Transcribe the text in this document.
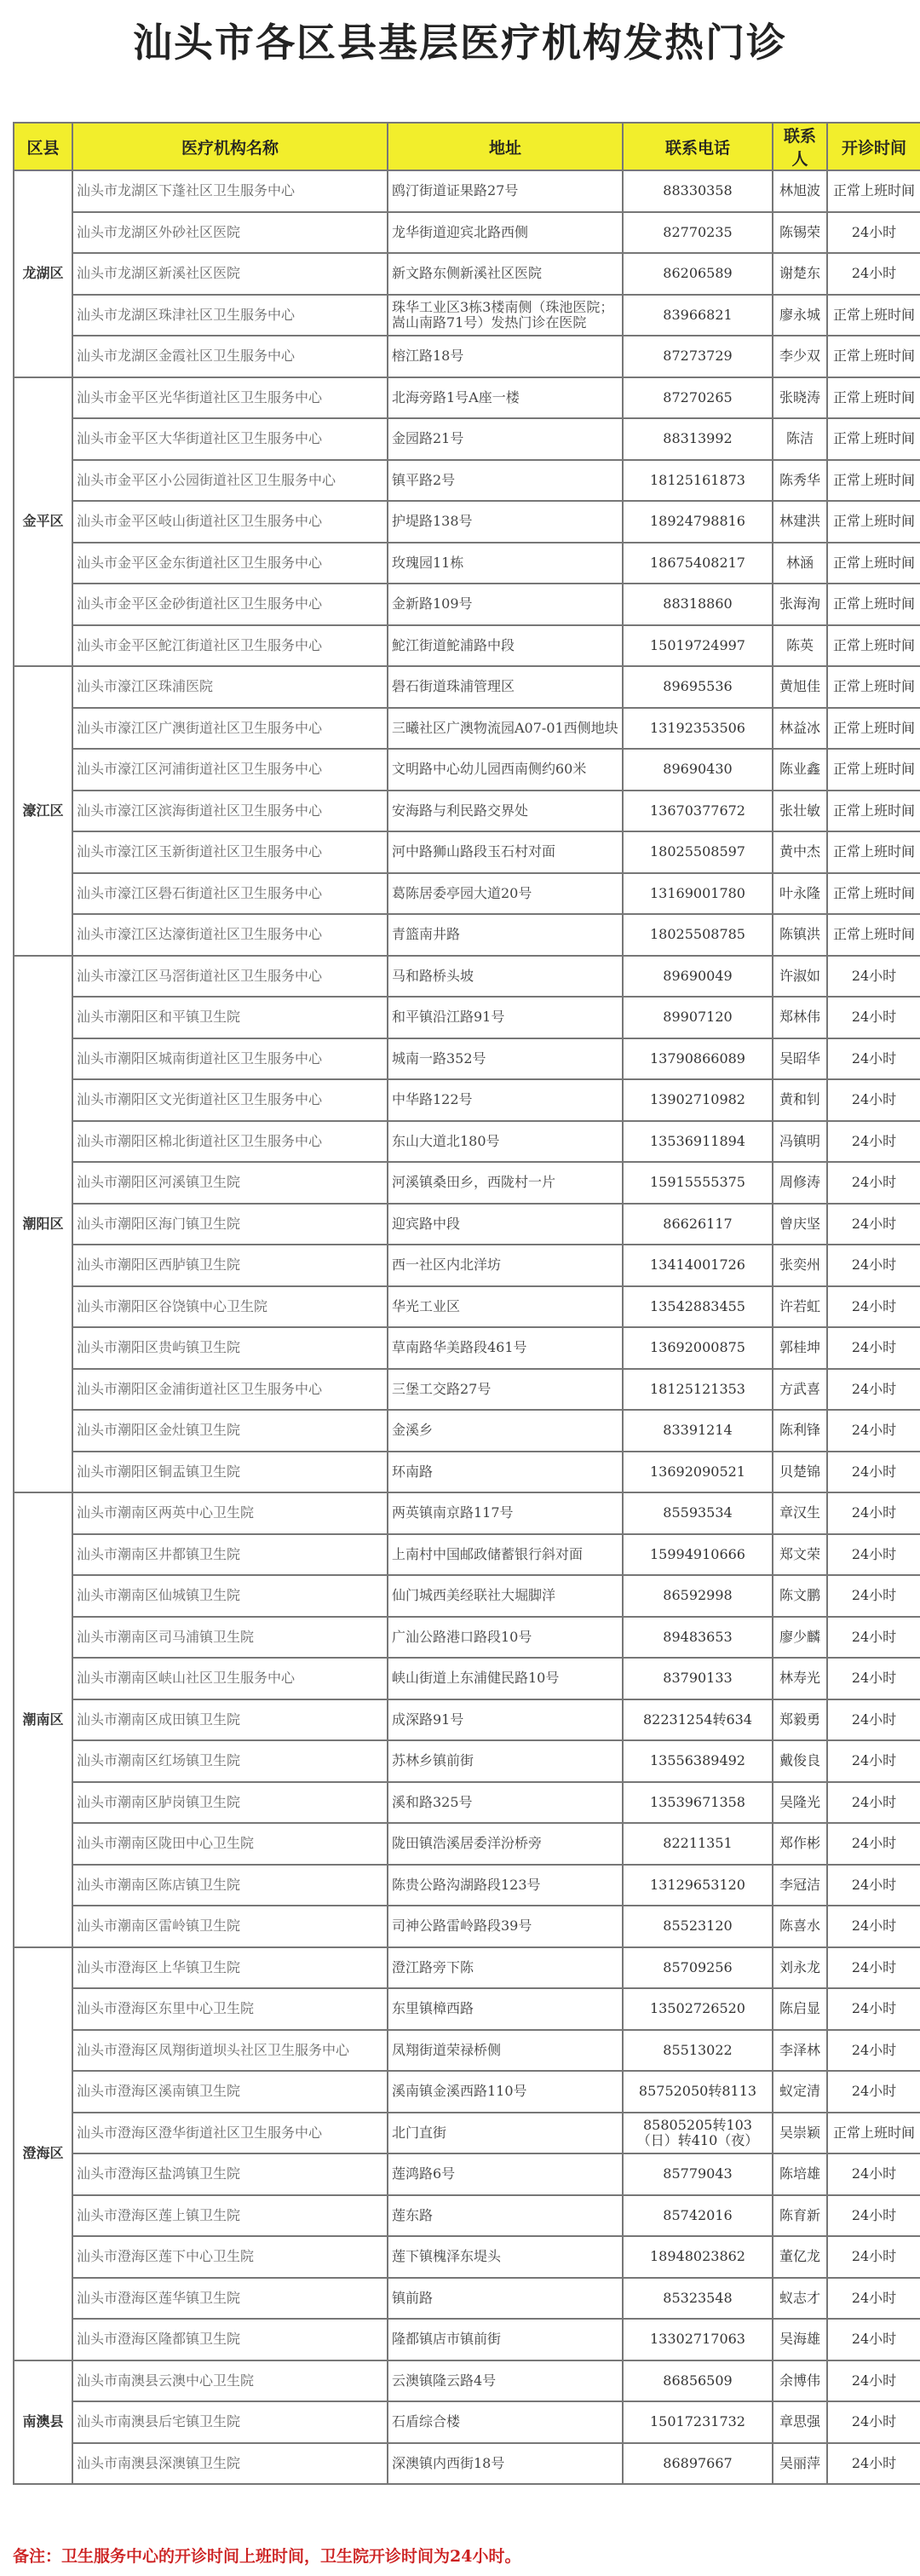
汕头市各区县基层医疗机构发热门诊
区县	医疗机构名称	地址	联系电话	联系人	开诊时间
龙湖区	汕头市龙湖区下蓬社区卫生服务中心	鸥汀街道证果路27号	88330358	林旭波	正常上班时间
	汕头市龙湖区外砂社区医院	龙华街道迎宾北路西侧	82770235	陈锡荣	24小时
	汕头市龙湖区新溪社区医院	新文路东侧新溪社区医院	86206589	谢楚东	24小时
	汕头市龙湖区珠津社区卫生服务中心	珠华工业区3栋3楼南侧（珠池医院；嵩山南路71号）发热门诊在医院	83966821	廖永城	正常上班时间
	汕头市龙湖区金霞社区卫生服务中心	榕江路18号	87273729	李少双	正常上班时间
金平区	汕头市金平区光华街道社区卫生服务中心	北海旁路1号A座一楼	87270265	张晓涛	正常上班时间
	汕头市金平区大华街道社区卫生服务中心	金园路21号	88313992	陈洁	正常上班时间
	汕头市金平区小公园街道社区卫生服务中心	镇平路2号	18125161873	陈秀华	正常上班时间
	汕头市金平区岐山街道社区卫生服务中心	护堤路138号	18924798816	林建洪	正常上班时间
	汕头市金平区金东街道社区卫生服务中心	玫瑰园11栋	18675408217	林涵	正常上班时间
	汕头市金平区金砂街道社区卫生服务中心	金新路109号	88318860	张海洵	正常上班时间
	汕头市金平区鮀江街道社区卫生服务中心	鮀江街道鮀浦路中段	15019724997	陈英	正常上班时间
濠江区	汕头市濠江区珠浦医院	礐石街道珠浦管理区	89695536	黄旭佳	正常上班时间
	汕头市濠江区广澳街道社区卫生服务中心	三曦社区广澳物流园A07-01西侧地块	13192353506	林益冰	正常上班时间
	汕头市濠江区河浦街道社区卫生服务中心	文明路中心幼儿园西南侧约60米	89690430	陈业鑫	正常上班时间
	汕头市濠江区滨海街道社区卫生服务中心	安海路与利民路交界处	13670377672	张壮敏	正常上班时间
	汕头市濠江区玉新街道社区卫生服务中心	河中路狮山路段玉石村对面	18025508597	黄中杰	正常上班时间
	汕头市濠江区礐石街道社区卫生服务中心	葛陈居委亭园大道20号	13169001780	叶永隆	正常上班时间
	汕头市濠江区达濠街道社区卫生服务中心	青篮南井路	18025508785	陈镇洪	正常上班时间
潮阳区	汕头市濠江区马滘街道社区卫生服务中心	马和路桥头坡	89690049	许淑如	24小时
	汕头市潮阳区和平镇卫生院	和平镇沿江路91号	89907120	郑林伟	24小时
	汕头市潮阳区城南街道社区卫生服务中心	城南一路352号	13790866089	吴昭华	24小时
	汕头市潮阳区文光街道社区卫生服务中心	中华路122号	13902710982	黄和钊	24小时
	汕头市潮阳区棉北街道社区卫生服务中心	东山大道北180号	13536911894	冯镇明	24小时
	汕头市潮阳区河溪镇卫生院	河溪镇桑田乡，西陇村一片	15915555375	周修涛	24小时
	汕头市潮阳区海门镇卫生院	迎宾路中段	86626117	曾庆坚	24小时
	汕头市潮阳区西胪镇卫生院	西一社区内北洋坊	13414001726	张奕州	24小时
	汕头市潮阳区谷饶镇中心卫生院	华光工业区	13542883455	许若虹	24小时
	汕头市潮阳区贵屿镇卫生院	草南路华美路段461号	13692000875	郭桂坤	24小时
	汕头市潮阳区金浦街道社区卫生服务中心	三堡工交路27号	18125121353	方武喜	24小时
	汕头市潮阳区金灶镇卫生院	金溪乡	83391214	陈利锋	24小时
	汕头市潮阳区铜盂镇卫生院	环南路	13692090521	贝楚锦	24小时
潮南区	汕头市潮南区两英中心卫生院	两英镇南京路117号	85593534	章汉生	24小时
	汕头市潮南区井都镇卫生院	上南村中国邮政储蓄银行斜对面	15994910666	郑文荣	24小时
	汕头市潮南区仙城镇卫生院	仙门城西美经联社大堀脚洋	86592998	陈文鹏	24小时
	汕头市潮南区司马浦镇卫生院	广汕公路港口路段10号	89483653	廖少麟	24小时
	汕头市潮南区峡山社区卫生服务中心	峡山街道上东浦健民路10号	83790133	林寿光	24小时
	汕头市潮南区成田镇卫生院	成深路91号	82231254转634	郑毅勇	24小时
	汕头市潮南区红场镇卫生院	苏林乡镇前街	13556389492	戴俊良	24小时
	汕头市潮南区胪岗镇卫生院	溪和路325号	13539671358	吴隆光	24小时
	汕头市潮南区陇田中心卫生院	陇田镇浩溪居委洋汾桥旁	82211351	郑作彬	24小时
	汕头市潮南区陈店镇卫生院	陈贵公路沟湖路段123号	13129653120	李冠洁	24小时
	汕头市潮南区雷岭镇卫生院	司神公路雷岭路段39号	85523120	陈喜水	24小时
澄海区	汕头市澄海区上华镇卫生院	澄江路旁下陈	85709256	刘永龙	24小时
	汕头市澄海区东里中心卫生院	东里镇樟西路	13502726520	陈启显	24小时
	汕头市澄海区凤翔街道坝头社区卫生服务中心	凤翔街道荣禄桥侧	85513022	李泽林	24小时
	汕头市澄海区溪南镇卫生院	溪南镇金溪西路110号	85752050转8113	蚁定清	24小时
	汕头市澄海区澄华街道社区卫生服务中心	北门直街	85805205转103（日）转410（夜）	吴崇颖	正常上班时间
	汕头市澄海区盐鸿镇卫生院	莲鸿路6号	85779043	陈培雄	24小时
	汕头市澄海区莲上镇卫生院	莲东路	85742016	陈育新	24小时
	汕头市澄海区莲下中心卫生院	莲下镇槐泽东堤头	18948023862	董亿龙	24小时
	汕头市澄海区莲华镇卫生院	镇前路	85323548	蚁志才	24小时
	汕头市澄海区隆都镇卫生院	隆都镇店市镇前街	13302717063	吴海雄	24小时
南澳县	汕头市南澳县云澳中心卫生院	云澳镇隆云路4号	86856509	余博伟	24小时
	汕头市南澳县后宅镇卫生院	石盾综合楼	15017231732	章思强	24小时
	汕头市南澳县深澳镇卫生院	深澳镇内西街18号	86897667	吴丽萍	24小时
备注：卫生服务中心的开诊时间上班时间，卫生院开诊时间为24小时。
